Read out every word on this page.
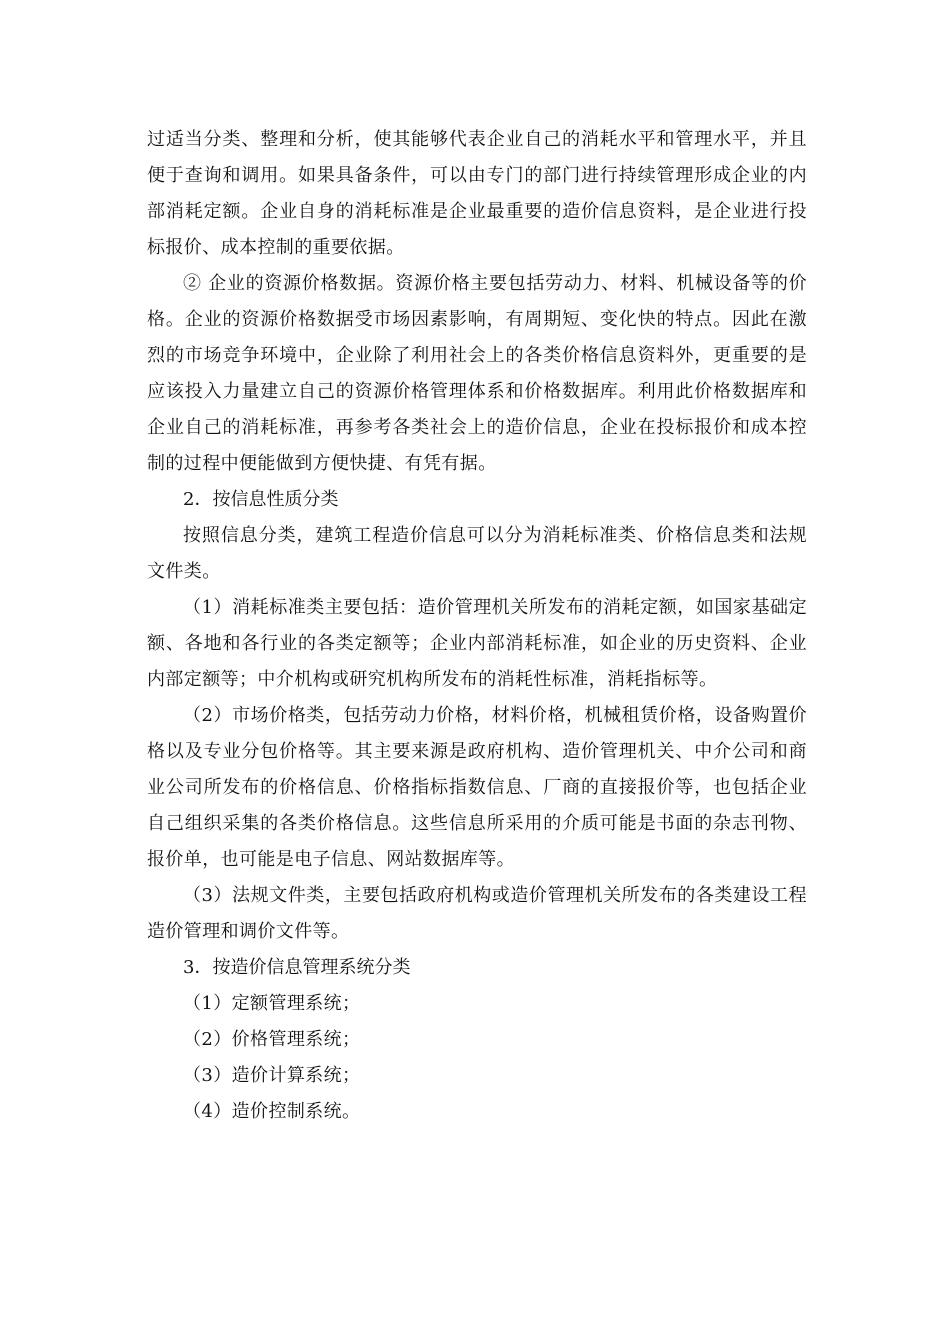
过适当分类、整理和分析，使其能够代表企业自己的消耗水平和管理水平，并且便于查询和调用。如果具备条件，可以由专门的部门进行持续管理形成企业的内部消耗定额。企业自身的消耗标准是企业最重要的造价信息资料，是企业进行投标报价、成本控制的重要依据。

② 企业的资源价格数据。资源价格主要包括劳动力、材料、机械设备等的价格。企业的资源价格数据受市场因素影响，有周期短、变化快的特点。因此在激烈的市场竞争环境中，企业除了利用社会上的各类价格信息资料外，更重要的是应该投入力量建立自己的资源价格管理体系和价格数据库。利用此价格数据库和企业自己的消耗标准，再参考各类社会上的造价信息，企业在投标报价和成本控制的过程中便能做到方便快捷、有凭有据。

2．按信息性质分类

按照信息分类，建筑工程造价信息可以分为消耗标准类、价格信息类和法规文件类。

（1）消耗标准类主要包括：造价管理机关所发布的消耗定额，如国家基础定额、各地和各行业的各类定额等；企业内部消耗标准，如企业的历史资料、企业内部定额等；中介机构或研究机构所发布的消耗性标准，消耗指标等。

（2）市场价格类，包括劳动力价格，材料价格，机械租赁价格，设备购置价格以及专业分包价格等。其主要来源是政府机构、造价管理机关、中介公司和商业公司所发布的价格信息、价格指标指数信息、厂商的直接报价等，也包括企业自己组织采集的各类价格信息。这些信息所采用的介质可能是书面的杂志刊物、报价单，也可能是电子信息、网站数据库等。

（3）法规文件类，主要包括政府机构或造价管理机关所发布的各类建设工程造价管理和调价文件等。

3．按造价信息管理系统分类

（1）定额管理系统；
（2）价格管理系统；
（3）造价计算系统；
（4）造价控制系统。
